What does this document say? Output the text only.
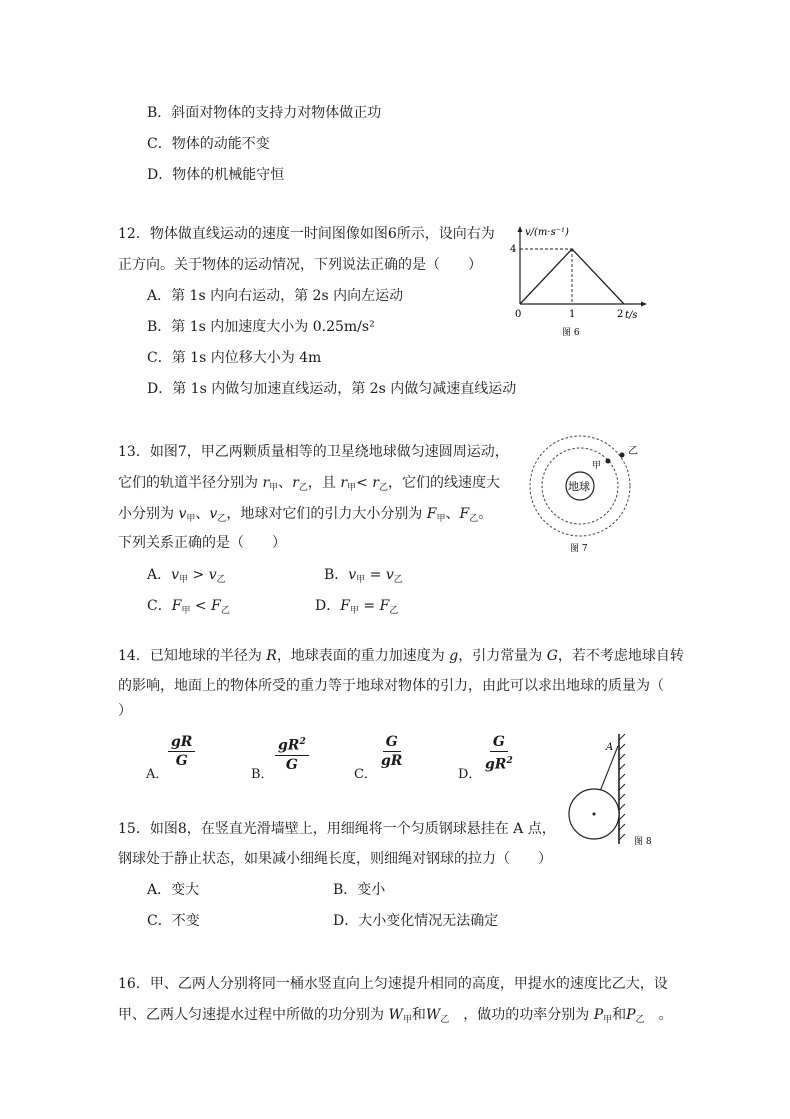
B．斜面对物体的支持力对物体做正功
C．物体的动能不变
D．物体的机械能守恒
12．物体做直线运动的速度一时间图像如图6所示，设向右为
正方向。关于物体的运动情况，下列说法正确的是（　　）
A．第 1s 内向右运动，第 2s 内向左运动
B．第 1s 内加速度大小为 0.25m/s²
C．第 1s 内位移大小为 4m
D．第 1s 内做匀加速直线运动，第 2s 内做匀减速直线运动
v/(m·s⁻¹)
t/s
4
0	1	2
图 6
13．如图7，甲乙两颗质量相等的卫星绕地球做匀速圆周运动，
它们的轨道半径分别为 $r_甲$、$r_乙$，且 $r_甲< r_乙$，它们的线速度大
小分别为 $v_甲$、$v_乙$，地球对它们的引力大小分别为 $F_甲$、$F_乙$。
下列关系正确的是（　　）
A．$v_甲 > v_乙$	B．$v_甲 = v_乙$
C．$F_甲 < F_乙$	D．$F_甲 = F_乙$
地球
甲
乙
图 7
14．已知地球的半径为 R，地球表面的重力加速度为 g，引力常量为 G，若不考虑地球自转
的影响，地面上的物体所受的重力等于地球对物体的引力，由此可以求出地球的质量为（
）
A．
$\frac{gR}{G}$
B．
$\frac{gR^2}{G}$
C．
$\frac{G}{gR}$
D．
$\frac{G}{gR^2}$
15．如图8，在竖直光滑墙壁上，用细绳将一个匀质钢球悬挂在 A 点，
钢球处于静止状态，如果减小细绳长度，则细绳对钢球的拉力（　　）
A．变大	B．变小
C．不变	D．大小变化情况无法确定
A
图 8
16．甲、乙两人分别将同一桶水竖直向上匀速提升相同的高度，甲提水的速度比乙大，设
甲、乙两人匀速提水过程中所做的功分别为 $W_甲$和$W_乙$　，做功的功率分别为 $P_甲$和$P_乙$　。
